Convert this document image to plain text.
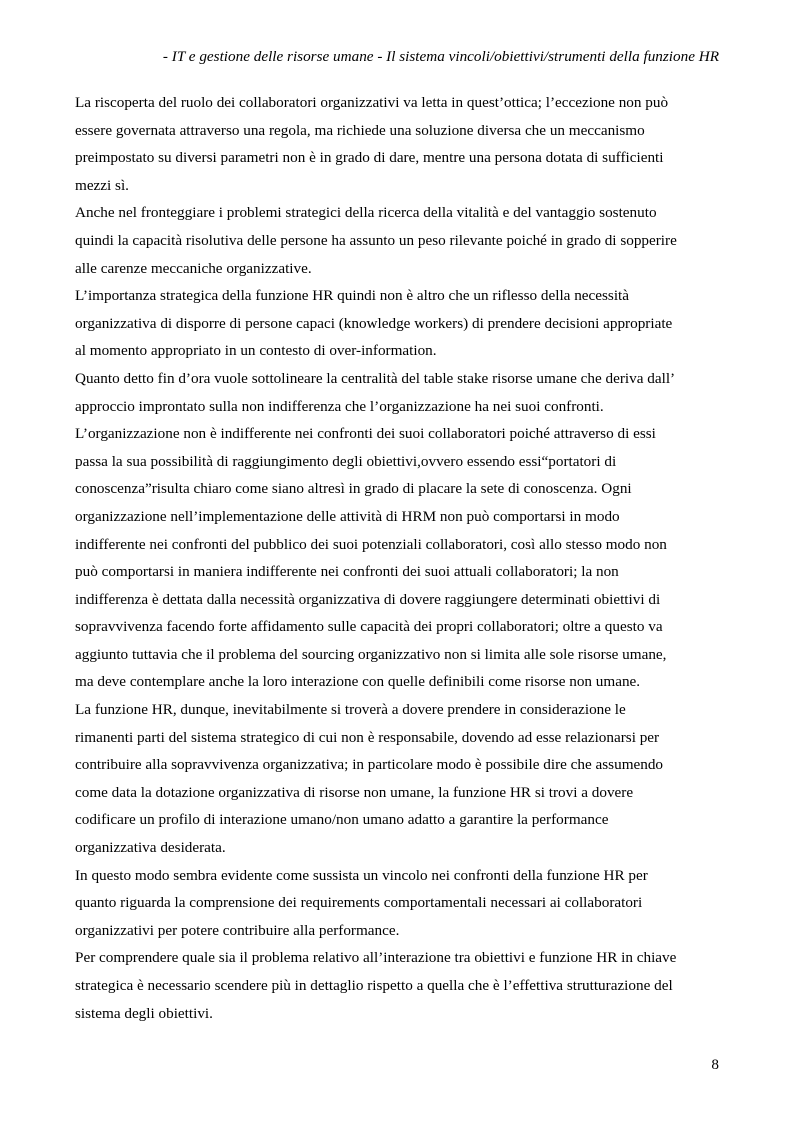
- IT e gestione delle risorse umane - Il sistema vincoli/obiettivi/strumenti della funzione HR

La riscoperta del ruolo dei collaboratori organizzativi va letta in quest’ottica; l’eccezione non può
essere governata attraverso una regola, ma richiede una soluzione diversa che un meccanismo
preimpostato su diversi parametri non è in grado di dare, mentre una persona dotata di sufficienti
mezzi sì.

Anche nel fronteggiare i problemi strategici della ricerca della vitalità e del vantaggio sostenuto
quindi la capacità risolutiva delle persone ha assunto un peso rilevante poiché in grado di sopperire
alle carenze meccaniche organizzative.

L’importanza strategica della funzione HR quindi non è altro che un riflesso della necessità
organizzativa di disporre di persone capaci (knowledge workers) di prendere decisioni appropriate
al momento appropriato in un contesto di over-information.

Quanto detto fin d’ora vuole sottolineare la centralità del table stake risorse umane che deriva dall’
approccio improntato sulla non indifferenza che l’organizzazione ha nei suoi confronti.

L’organizzazione non è indifferente nei confronti dei suoi collaboratori poiché attraverso di essi
passa la sua possibilità di raggiungimento degli obiettivi,ovvero essendo essi“portatori di
conoscenza”risulta chiaro come siano altresì in grado di placare la sete di conoscenza. Ogni
organizzazione nell’implementazione delle attività di HRM non può comportarsi in modo
indifferente nei confronti del pubblico dei suoi potenziali collaboratori, così allo stesso modo non
può comportarsi in maniera indifferente nei confronti dei suoi attuali collaboratori; la non
indifferenza è dettata dalla necessità organizzativa di dovere raggiungere determinati obiettivi di
sopravvivenza facendo forte affidamento sulle capacità dei propri collaboratori; oltre a questo va
aggiunto tuttavia che il problema del sourcing organizzativo non si limita alle sole risorse umane,
ma deve contemplare anche la loro interazione con quelle definibili come risorse non umane.

La funzione HR, dunque, inevitabilmente si troverà a dovere prendere in considerazione le
rimanenti parti del sistema strategico di cui non è responsabile, dovendo ad esse relazionarsi per
contribuire alla sopravvivenza organizzativa; in particolare modo è possibile dire che assumendo
come data la dotazione organizzativa di risorse non umane, la funzione HR si trovi a dovere
codificare un profilo di interazione umano/non umano adatto a garantire la performance
organizzativa desiderata.

In questo modo sembra evidente come sussista un vincolo nei confronti della funzione HR per
quanto riguarda la comprensione dei requirements comportamentali necessari ai collaboratori
organizzativi per potere contribuire alla performance.

Per comprendere quale sia il problema relativo all’interazione tra obiettivi e funzione HR in chiave
strategica è necessario scendere più in dettaglio rispetto a quella che è l’effettiva strutturazione del
sistema degli obiettivi.

8
